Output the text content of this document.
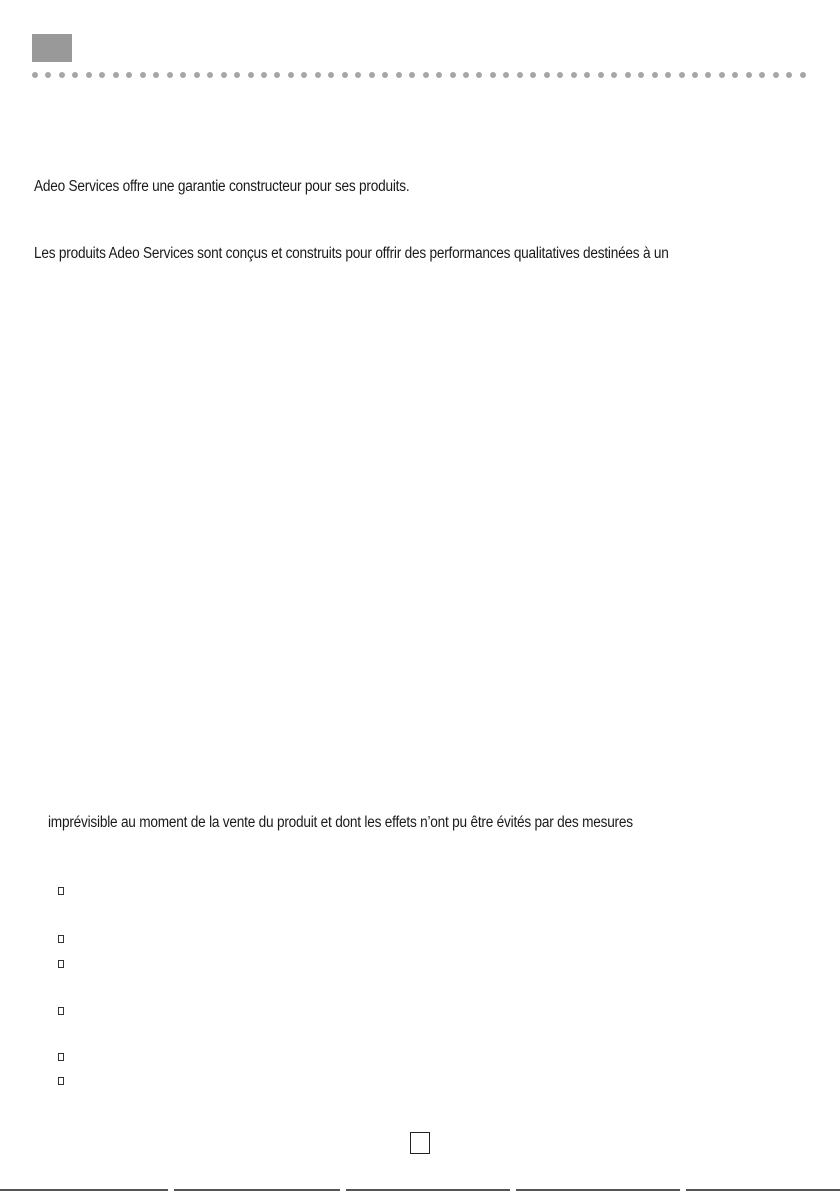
Adeo Services offre une garantie constructeur pour ses produits.
Les produits Adeo Services sont conçus et construits pour offrir des performances qualitatives destinées à un
imprévisible au moment de la vente du produit et dont les effets n’ont pu être évités par des mesures
